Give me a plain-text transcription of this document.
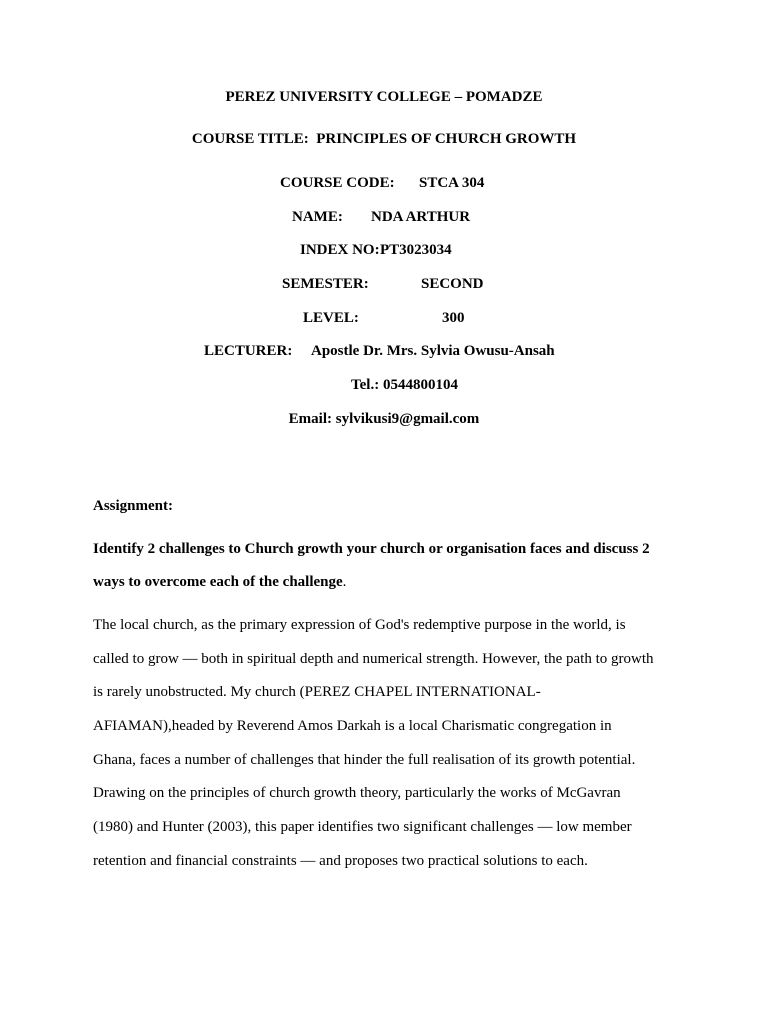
PEREZ UNIVERSITY COLLEGE – POMADZE
COURSE TITLE:  PRINCIPLES OF CHURCH GROWTH
COURSE CODE: STCA 304
NAME: NDA ARTHUR
INDEX NO: PT3023034
SEMESTER:	SECOND
LEVEL:	300
LECTURER: Apostle Dr. Mrs. Sylvia Owusu-Ansah
Tel.: 0544800104
Email: sylvikusi9@gmail.com
Assignment:
Identify 2 challenges to Church growth your church or organisation faces and discuss 2
ways to overcome each of the challenge.
The local church, as the primary expression of God's redemptive purpose in the world, is
called to grow — both in spiritual depth and numerical strength. However, the path to growth
is rarely unobstructed. My church (PEREZ CHAPEL INTERNATIONAL-
AFIAMAN),headed by Reverend Amos Darkah is a local Charismatic congregation in
Ghana, faces a number of challenges that hinder the full realisation of its growth potential.
Drawing on the principles of church growth theory, particularly the works of McGavran
(1980) and Hunter (2003), this paper identifies two significant challenges — low member
retention and financial constraints — and proposes two practical solutions to each.
